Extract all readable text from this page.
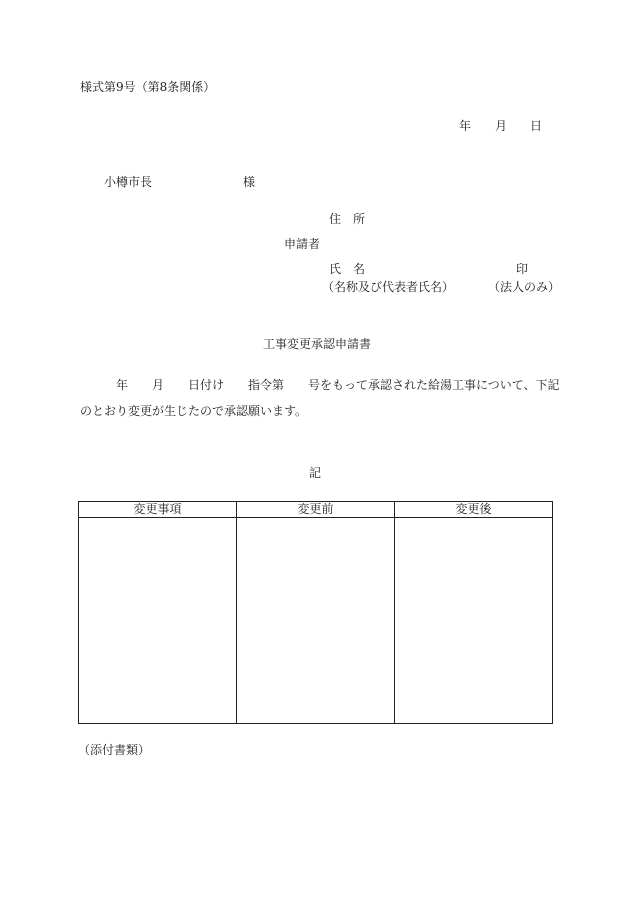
様式第9号（第8条関係）
年 月 日
小樽市長	様
住　所
申請者
氏　名	印
（名称及び代表者氏名）	（法人のみ）
工事変更承認申請書
年　　月　　日付け　　指令第　　号をもって承認された給湯工事について、下記
のとおり変更が生じたので承認願います。
記
変更事項	変更前	変更後

（添付書類）
